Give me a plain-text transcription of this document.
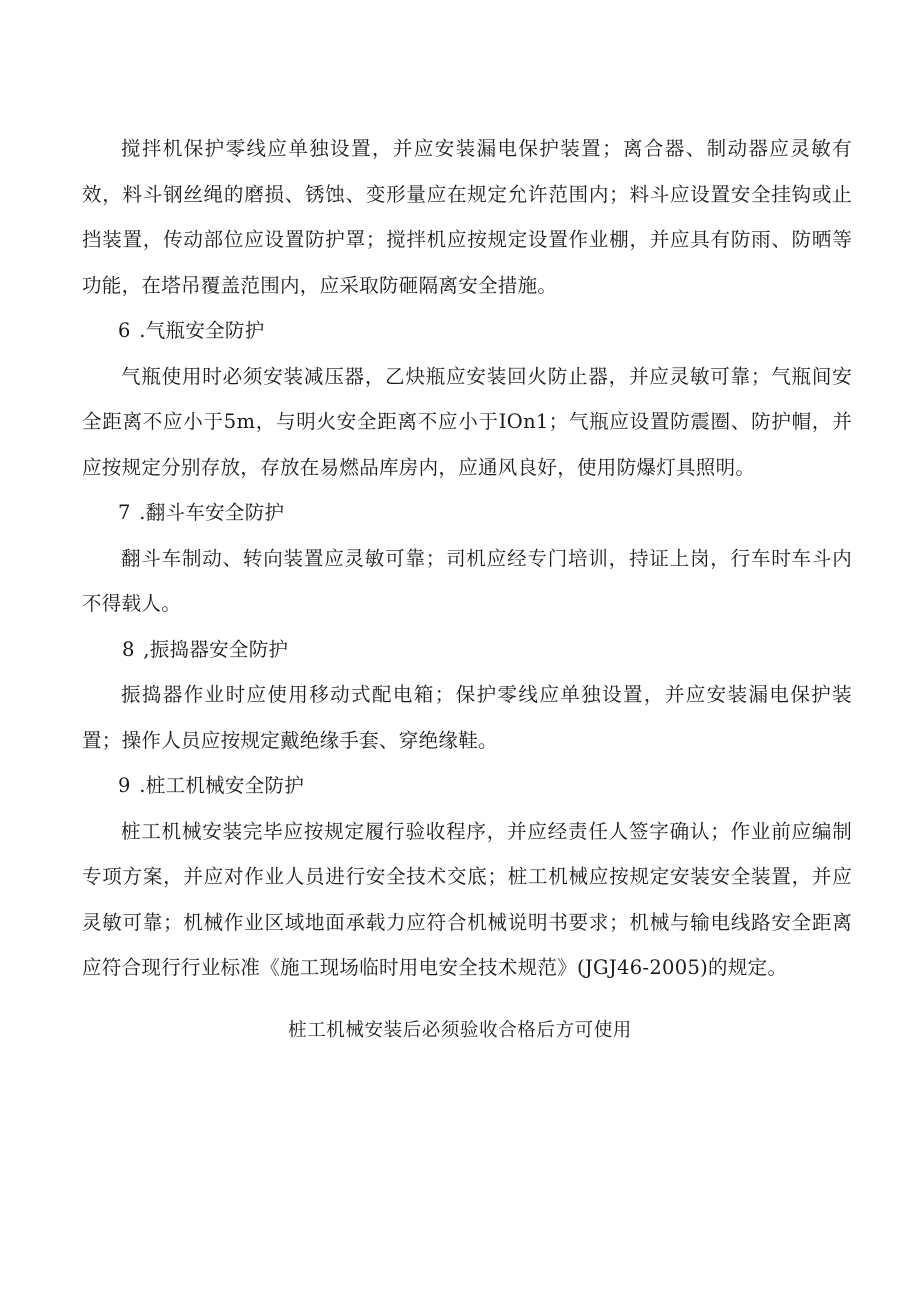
搅拌机保护零线应单独设置，并应安装漏电保护装置；离合器、制动器应灵敏有效，料斗钢丝绳的磨损、锈蚀、变形量应在规定允许范围内；料斗应设置安全挂钩或止挡装置，传动部位应设置防护罩；搅拌机应按规定设置作业棚，并应具有防雨、防晒等功能，在塔吊覆盖范围内，应采取防砸隔离安全措施。

6 .气瓶安全防护

气瓶使用时必须安装减压器，乙炔瓶应安装回火防止器，并应灵敏可靠；气瓶间安全距离不应小于5m，与明火安全距离不应小于IOn1；气瓶应设置防震圈、防护帽，并应按规定分别存放，存放在易燃品库房内，应通风良好，使用防爆灯具照明。

7 .翻斗车安全防护

翻斗车制动、转向装置应灵敏可靠；司机应经专门培训，持证上岗，行车时车斗内不得载人。

8 ,振捣器安全防护

振捣器作业时应使用移动式配电箱；保护零线应单独设置，并应安装漏电保护装置；操作人员应按规定戴绝缘手套、穿绝缘鞋。

9 .桩工机械安全防护

桩工机械安装完毕应按规定履行验收程序，并应经责任人签字确认；作业前应编制专项方案，并应对作业人员进行安全技术交底；桩工机械应按规定安装安全装置，并应灵敏可靠；机械作业区域地面承载力应符合机械说明书要求；机械与输电线路安全距离应符合现行行业标准《施工现场临时用电安全技术规范》(JGJ46-2005)的规定。

桩工机械安装后必须验收合格后方可使用
